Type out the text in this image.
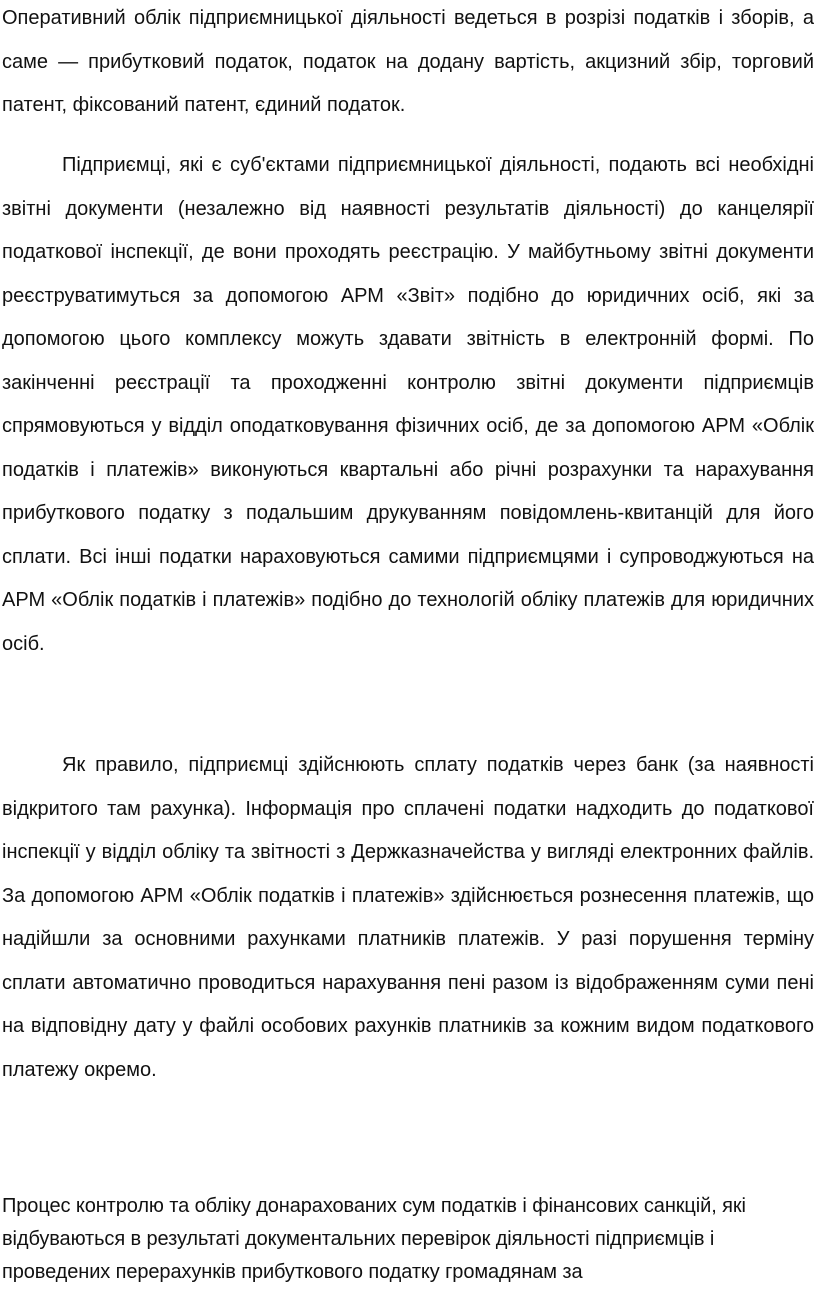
Оперативний облік підприємницької діяльності ведеться в розрізі податків і зборів, а саме — прибутковий податок, податок на додану вартість, акцизний збір, торговий патент, фіксований патент, єдиний податок.

Підприємці, які є суб'єктами підприємницької діяльності, подають всі необхідні звітні документи (незалежно від наявності результатів діяльності) до канцелярії податкової інспекції, де вони проходять реєстрацію. У майбутньому звітні документи реєструватимуться за допомогою АРМ «Звіт» подібно до юридичних осіб, які за допомогою цього комплексу можуть здавати звітність в електронній формі. По закінченні реєстрації та проходженні контролю звітні документи підприємців спрямовуються у відділ оподатковування фізичних осіб, де за допомогою АРМ «Облік податків і платежів» виконуються квартальні або річні розрахунки та нарахування прибуткового податку з подальшим друкуванням повідомлень-квитанцій для його сплати. Всі інші податки нараховуються самими підприємцями і супроводжуються на АРМ «Облік податків і платежів» подібно до технологій обліку платежів для юридичних осіб.

Як правило, підприємці здійснюють сплату податків через банк (за наявності відкритого там рахунка). Інформація про сплачені податки надходить до податкової інспекції у відділ обліку та звітності з Держказначейства у вигляді електронних файлів. За допомогою АРМ «Облік податків і платежів» здійснюється рознесення платежів, що надійшли за основними рахунками платників платежів. У разі порушення терміну сплати автоматично проводиться нарахування пені разом із відображенням суми пені на відповідну дату у файлі особових рахунків платників за кожним видом податкового платежу окремо.

Процес контролю та обліку донарахованих сум податків і фінансових санкцій, які відбуваються в результаті документальних перевірок діяльності підприємців і проведених перерахунків прибуткового податку громадянам за
